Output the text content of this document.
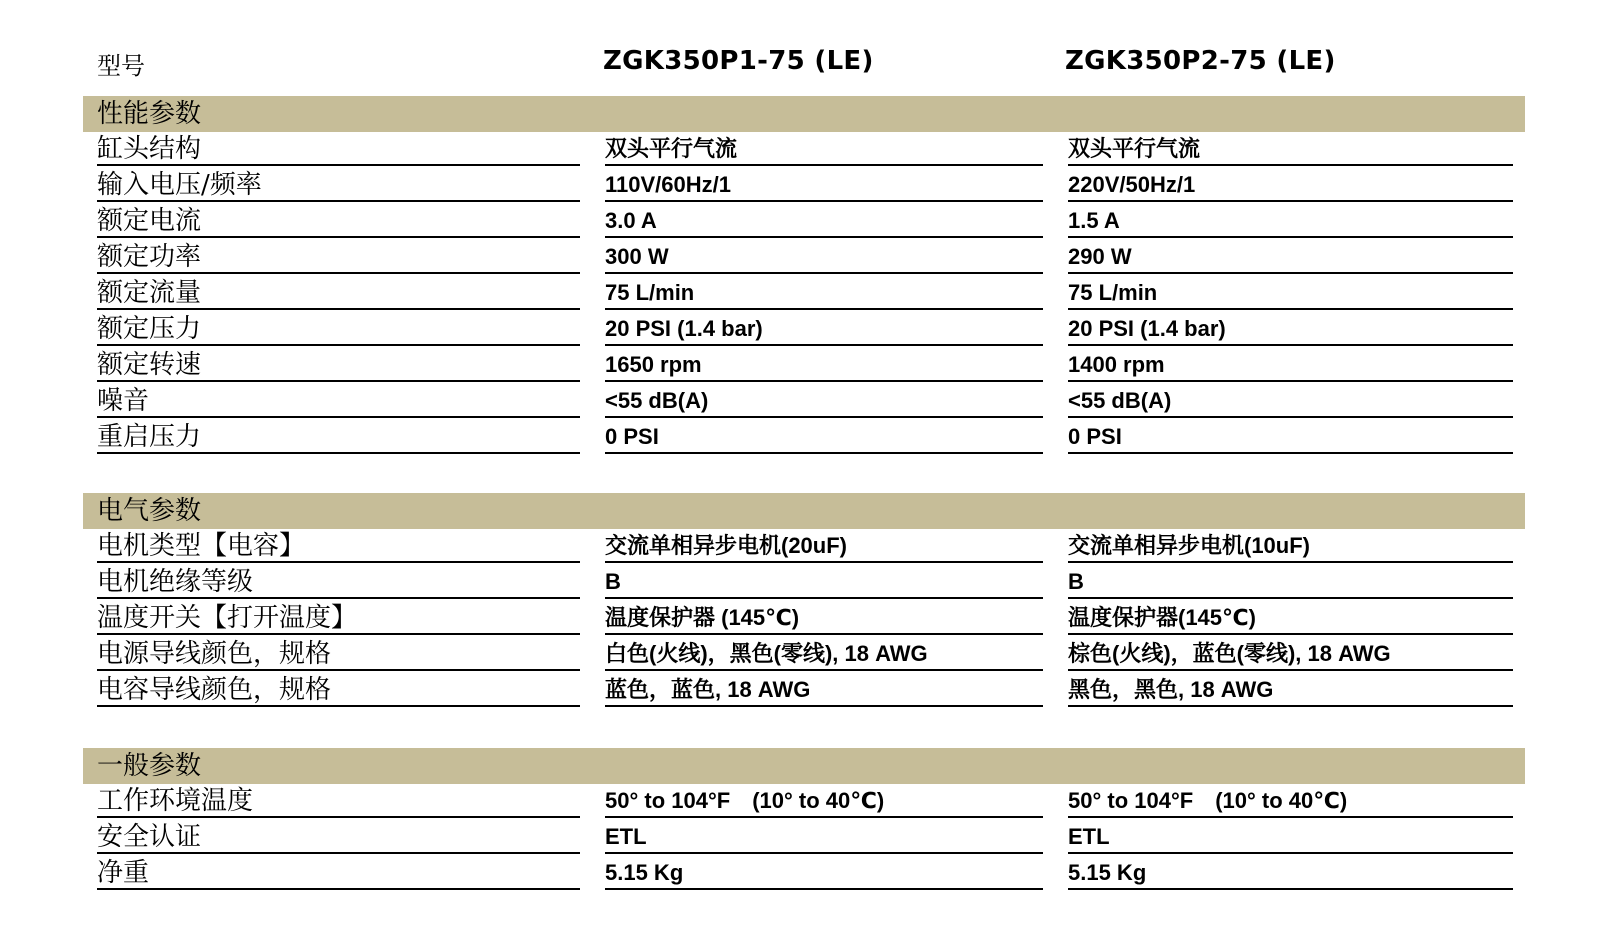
型号	ZGK350P1-75 (LE)	ZGK350P2-75 (LE)
性能参数
缸头结构	双头平行气流	双头平行气流
输入电压/频率	110V/60Hz/1	220V/50Hz/1
额定电流	3.0 A	1.5 A
额定功率	300 W	290 W
额定流量	75 L/min	75 L/min
额定压力	20 PSI (1.4 bar)	20 PSI (1.4 bar)
额定转速	1650 rpm	1400 rpm
噪音	<55 dB(A)	<55 dB(A)
重启压力	0 PSI	0 PSI
电气参数
电机类型【电容】	交流单相异步电机(20uF)	交流单相异步电机(10uF)
电机绝缘等级	B	B
温度开关【打开温度】	温度保护器 (145℃)	温度保护器(145℃)
电源导线颜色，规格	白色(火线)，黑色(零线), 18 AWG	棕色(火线)，蓝色(零线), 18 AWG
电容导线颜色，规格	蓝色，蓝色, 18 AWG	黑色，黑色, 18 AWG
一般参数
工作环境温度	50° to 104°F　(10° to 40℃)	50° to 104°F　(10° to 40℃)
安全认证	ETL	ETL
净重	5.15 Kg	5.15 Kg
